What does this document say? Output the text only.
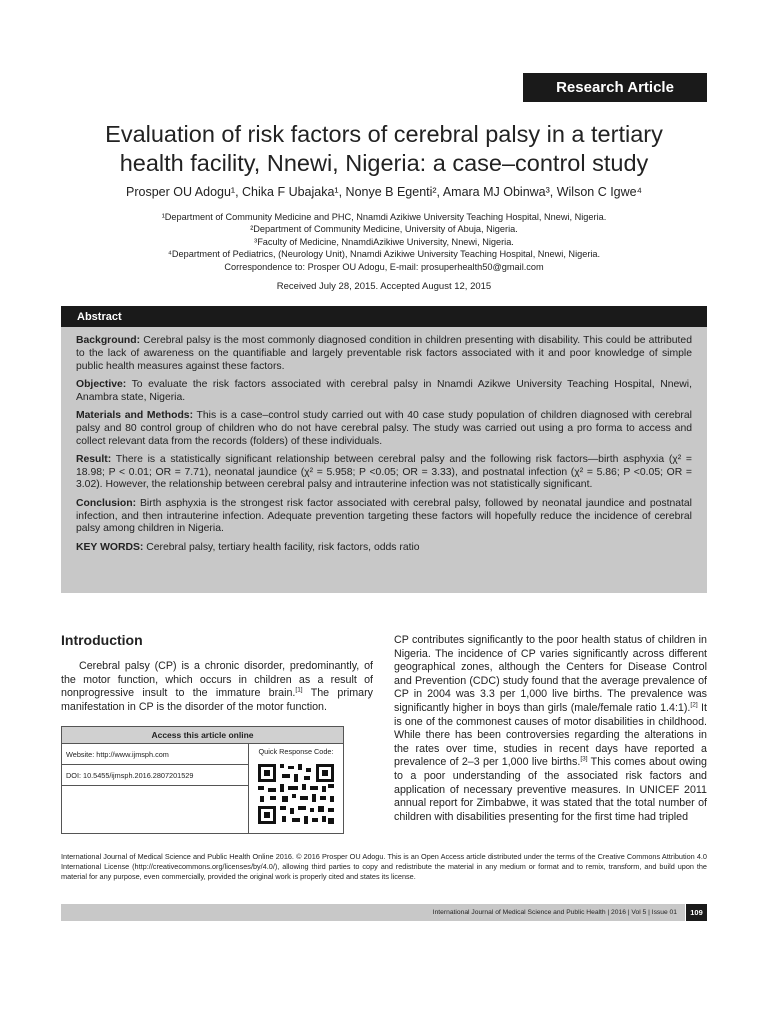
Research Article
Evaluation of risk factors of cerebral palsy in a tertiary
health facility, Nnewi, Nigeria: a case–control study
Prosper OU Adogu¹, Chika F Ubajaka¹, Nonye B Egenti², Amara MJ Obinwa³, Wilson C Igwe⁴
¹Department of Community Medicine and PHC, Nnamdi Azikiwe University Teaching Hospital, Nnewi, Nigeria.
²Department of Community Medicine, University of Abuja, Nigeria.
³Faculty of Medicine, NnamdiAzikiwe University, Nnewi, Nigeria.
⁴Department of Pediatrics, (Neurology Unit), Nnamdi Azikiwe University Teaching Hospital, Nnewi, Nigeria.
Correspondence to: Prosper OU Adogu, E-mail: prosuperhealth50@gmail.com
Received July 28, 2015. Accepted August 12, 2015
Abstract

Background: Cerebral palsy is the most commonly diagnosed condition in children presenting with disability. This could be attributed to the lack of awareness on the quantifiable and largely preventable risk factors associated with it and poor knowledge of simple public health measures against these factors.

Objective: To evaluate the risk factors associated with cerebral palsy in Nnamdi Azikwe University Teaching Hospital, Nnewi, Anambra state, Nigeria.

Materials and Methods: This is a case–control study carried out with 40 case study population of children diagnosed with cerebral palsy and 80 control group of children who do not have cerebral palsy. The study was carried out using a pro forma to access and collect relevant data from the records (folders) of these individuals.

Result: There is a statistically significant relationship between cerebral palsy and the following risk factors—birth asphyxia (χ² = 18.98; P < 0.01; OR = 7.71), neonatal jaundice (χ² = 5.958; P <0.05; OR = 3.33), and postnatal infection (χ² = 5.86; P <0.05; OR = 3.02). However, the relationship between cerebral palsy and intrauterine infection was not statistically significant.

Conclusion: Birth asphyxia is the strongest risk factor associated with cerebral palsy, followed by neonatal jaundice and postnatal infection, and then intrauterine infection. Adequate prevention targeting these factors will hopefully reduce the incidence of cerebral palsy among children in Nigeria.

KEY WORDS: Cerebral palsy, tertiary health facility, risk factors, odds ratio

Introduction

Cerebral palsy (CP) is a chronic disorder, predominantly, of the motor function, which occurs in children as a result of nonprogressive insult to the immature brain.[1] The primary manifestation in CP is the disorder of the motor function.

Access this article online
Website: http://www.ijmsph.com
DOI: 10.5455/ijmsph.2016.2807201529
Quick Response Code:
CP contributes significantly to the poor health status of children in Nigeria. The incidence of CP varies significantly across different geographical zones, although the Centers for Disease Control and Prevention (CDC) study found that the average prevalence of CP in 2004 was 3.3 per 1,000 live births. The prevalence was significantly higher in boys than girls (male/female ratio 1.4:1).[2] It is one of the commonest causes of motor disabilities in childhood. While there has been controversies regarding the alterations in the rates over time, studies in recent days have reported a prevalence of 2–3 per 1,000 live births.[3] This comes about owing to a poor understanding of the associated risk factors and application of necessary preventive measures. In UNICEF 2011 annual report for Zimbabwe, it was stated that the total number of children with disabilities presenting for the first time had tripled
International Journal of Medical Science and Public Health Online 2016. © 2016 Prosper OU Adogu. This is an Open Access article distributed under the terms of the Creative Commons Attribution 4.0 International License (http://creativecommons.org/licenses/by/4.0/), allowing third parties to copy and redistribute the material in any medium or format and to remix, transform, and build upon the material for any purpose, even commercially, provided the original work is properly cited and states its license.
International Journal of Medical Science and Public Health | 2016 | Vol 5 | Issue 01	109
